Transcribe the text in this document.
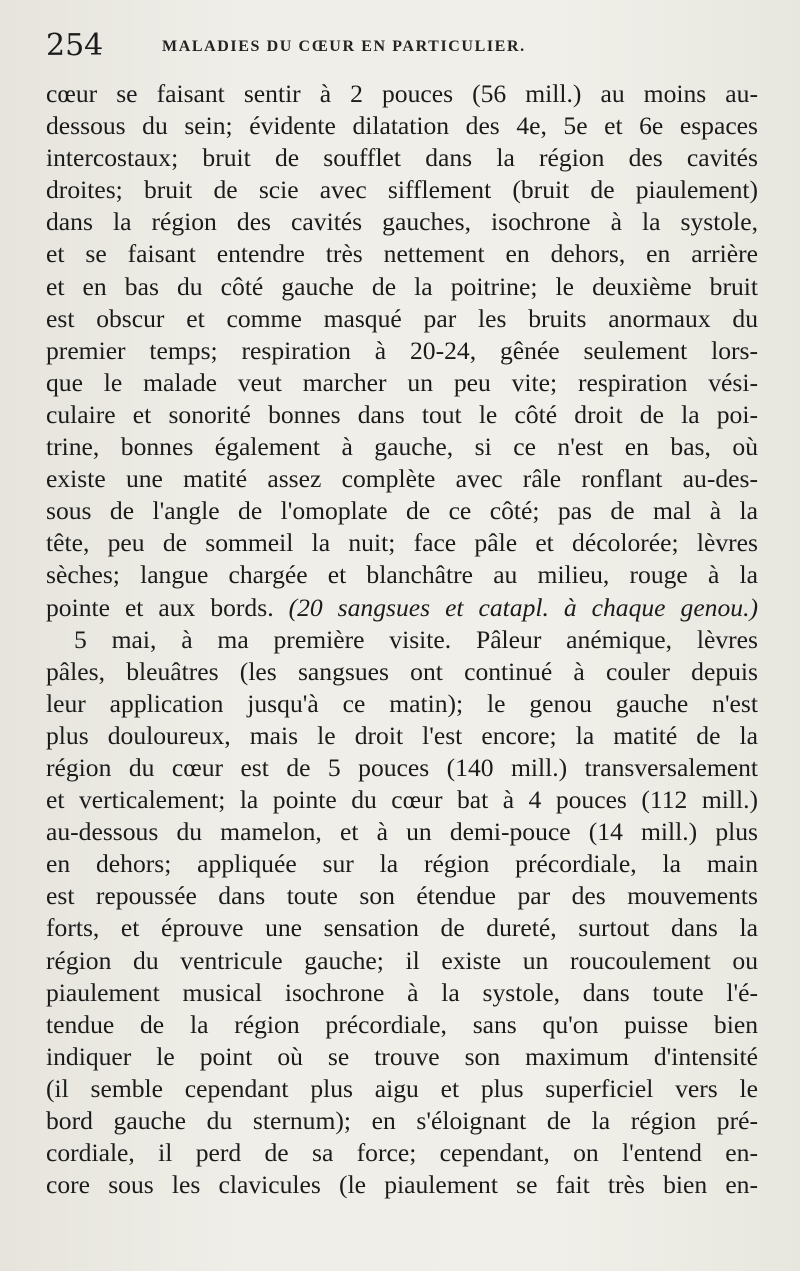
254	MALADIES DU CŒUR EN PARTICULIER.
cœur se faisant sentir à 2 pouces (56 mill.) au moins au-
dessous du sein; évidente dilatation des 4e, 5e et 6e espaces
intercostaux; bruit de soufflet dans la région des cavités
droites; bruit de scie avec sifflement (bruit de piaulement)
dans la région des cavités gauches, isochrone à la systole,
et se faisant entendre très nettement en dehors, en arrière
et en bas du côté gauche de la poitrine; le deuxième bruit
est obscur et comme masqué par les bruits anormaux du
premier temps; respiration à 20-24, gênée seulement lors-
que le malade veut marcher un peu vite; respiration vési-
culaire et sonorité bonnes dans tout le côté droit de la poi-
trine, bonnes également à gauche, si ce n'est en bas, où
existe une matité assez complète avec râle ronflant au-des-
sous de l'angle de l'omoplate de ce côté; pas de mal à la
tête, peu de sommeil la nuit; face pâle et décolorée; lèvres
sèches; langue chargée et blanchâtre au milieu, rouge à la
pointe et aux bords. (20 sangsues et catapl. à chaque genou.)
5 mai, à ma première visite. Pâleur anémique, lèvres
pâles, bleuâtres (les sangsues ont continué à couler depuis
leur application jusqu'à ce matin); le genou gauche n'est
plus douloureux, mais le droit l'est encore; la matité de la
région du cœur est de 5 pouces (140 mill.) transversalement
et verticalement; la pointe du cœur bat à 4 pouces (112 mill.)
au-dessous du mamelon, et à un demi-pouce (14 mill.) plus
en dehors; appliquée sur la région précordiale, la main
est repoussée dans toute son étendue par des mouvements
forts, et éprouve une sensation de dureté, surtout dans la
région du ventricule gauche; il existe un roucoulement ou
piaulement musical isochrone à la systole, dans toute l'é-
tendue de la région précordiale, sans qu'on puisse bien
indiquer le point où se trouve son maximum d'intensité
(il semble cependant plus aigu et plus superficiel vers le
bord gauche du sternum); en s'éloignant de la région pré-
cordiale, il perd de sa force; cependant, on l'entend en-
core sous les clavicules (le piaulement se fait très bien en-
